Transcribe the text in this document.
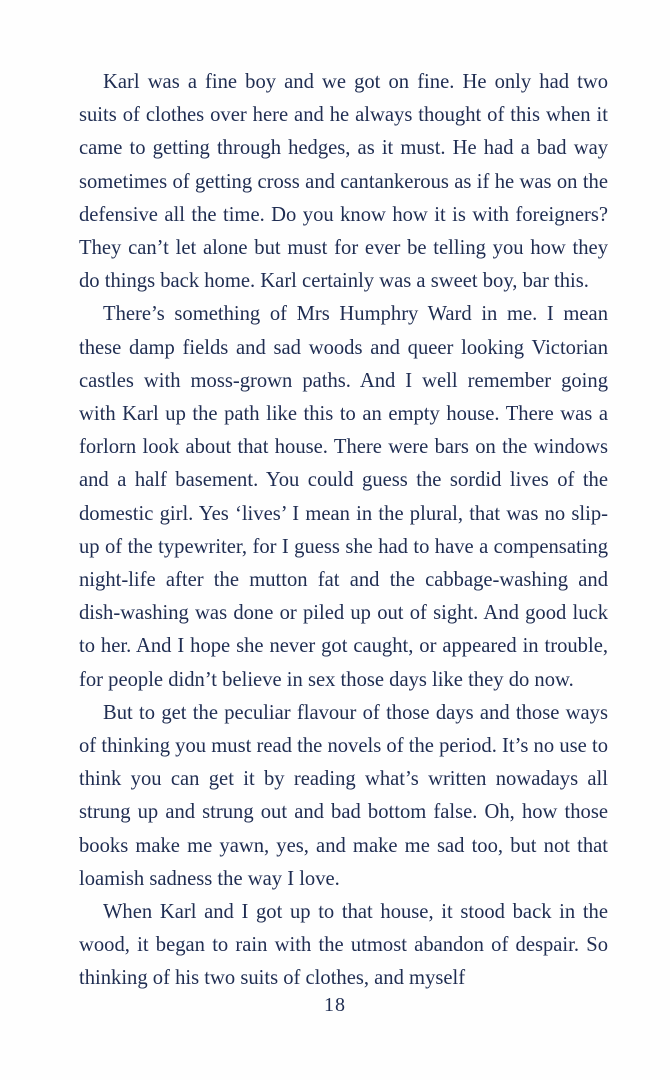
Karl was a fine boy and we got on fine. He only had two suits of clothes over here and he always thought of this when it came to getting through hedges, as it must. He had a bad way sometimes of getting cross and cantankerous as if he was on the defensive all the time. Do you know how it is with foreigners? They can’t let alone but must for ever be telling you how they do things back home. Karl certainly was a sweet boy, bar this.

There’s something of Mrs Humphry Ward in me. I mean these damp fields and sad woods and queer looking Victorian castles with moss-grown paths. And I well remember going with Karl up the path like this to an empty house. There was a forlorn look about that house. There were bars on the windows and a half basement. You could guess the sordid lives of the domestic girl. Yes ‘lives’ I mean in the plural, that was no slip-up of the typewriter, for I guess she had to have a compensating night-life after the mutton fat and the cabbage-washing and dish-washing was done or piled up out of sight. And good luck to her. And I hope she never got caught, or appeared in trouble, for people didn’t believe in sex those days like they do now.

But to get the peculiar flavour of those days and those ways of thinking you must read the novels of the period. It’s no use to think you can get it by reading what’s written nowadays all strung up and strung out and bad bottom false. Oh, how those books make me yawn, yes, and make me sad too, but not that loamish sadness the way I love.

When Karl and I got up to that house, it stood back in the wood, it began to rain with the utmost abandon of despair. So thinking of his two suits of clothes, and myself

18
